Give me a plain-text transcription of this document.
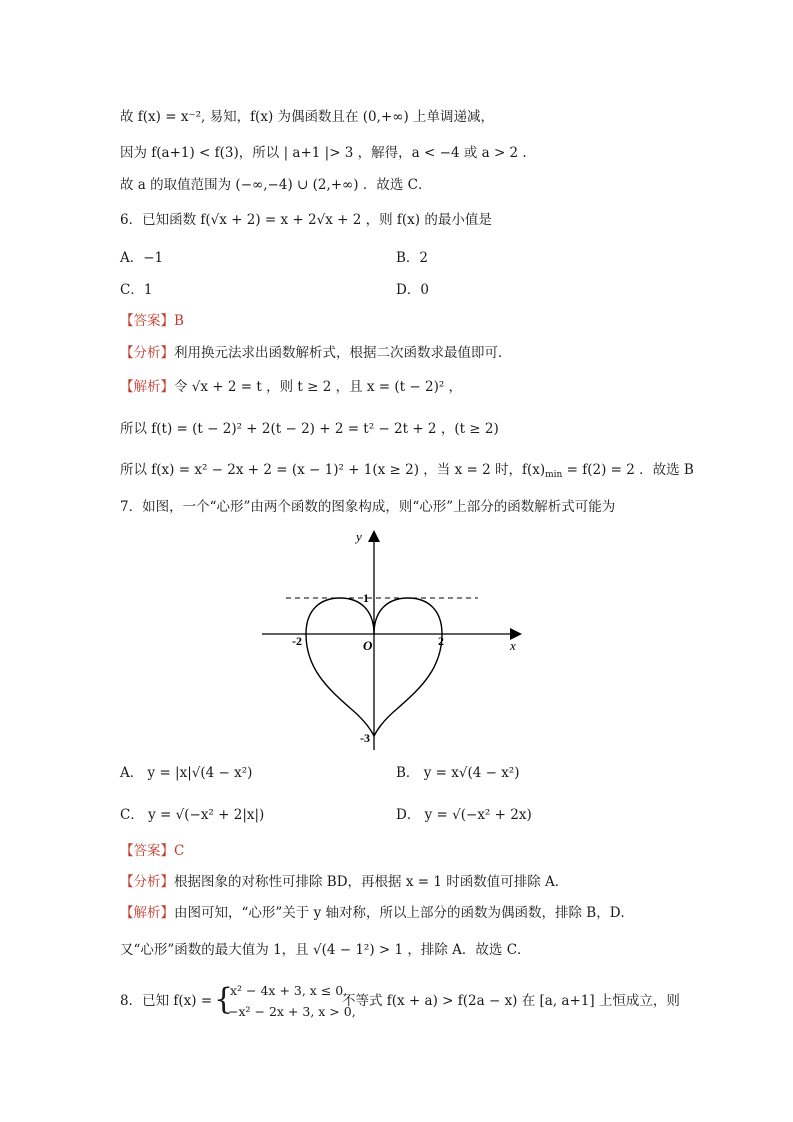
故 f(x) = x⁻², 易知，f(x) 为偶函数且在 (0,+∞) 上单调递减，
因为 f(a+1) < f(3)，所以 | a+1 |> 3 ，解得，a < −4 或 a > 2 .
故 a 的取值范围为 (−∞,−4) ∪ (2,+∞) ．故选 C．
6．已知函数 f(√x + 2) = x + 2√x + 2 ，则 f(x) 的最小值是
A．−1	B．2
C．1	D．0
【答案】B
【分析】利用换元法求出函数解析式，根据二次函数求最值即可．
【解析】令 √x + 2 = t ，则 t ≥ 2 ，且 x = (t − 2)² ，
所以 f(t) = (t − 2)² + 2(t − 2) + 2 = t² − 2t + 2 ，(t ≥ 2)
所以 f(x) = x² − 2x + 2 = (x − 1)² + 1(x ≥ 2) ，当 x = 2 时，$f(x)_{min} = f(2) = 2$ ．故选 B
7．如图，一个“心形”由两个函数的图象构成，则“心形”上部分的函数解析式可能为
y
x
O
-2	2
1
-3
A． y = |x|√(4 − x²)	B． y = x√(4 − x²)
C． y = √(−x² + 2|x|)	D． y = √(−x² + 2x)
【答案】C
【分析】根据图象的对称性可排除 BD，再根据 x = 1 时函数值可排除 A．
【解析】由图可知，“心形”关于 y 轴对称，所以上部分的函数为偶函数，排除 B，D．
又“心形”函数的最大值为 1，且 √(4 − 1²) > 1 ，排除 A．故选 C．
8．已知 f(x) = {
x² − 4x + 3, x ≤ 0,
−x² − 2x + 3, x > 0,
不等式 f(x + a) > f(2a − x) 在 [a, a+1] 上恒成立，则
